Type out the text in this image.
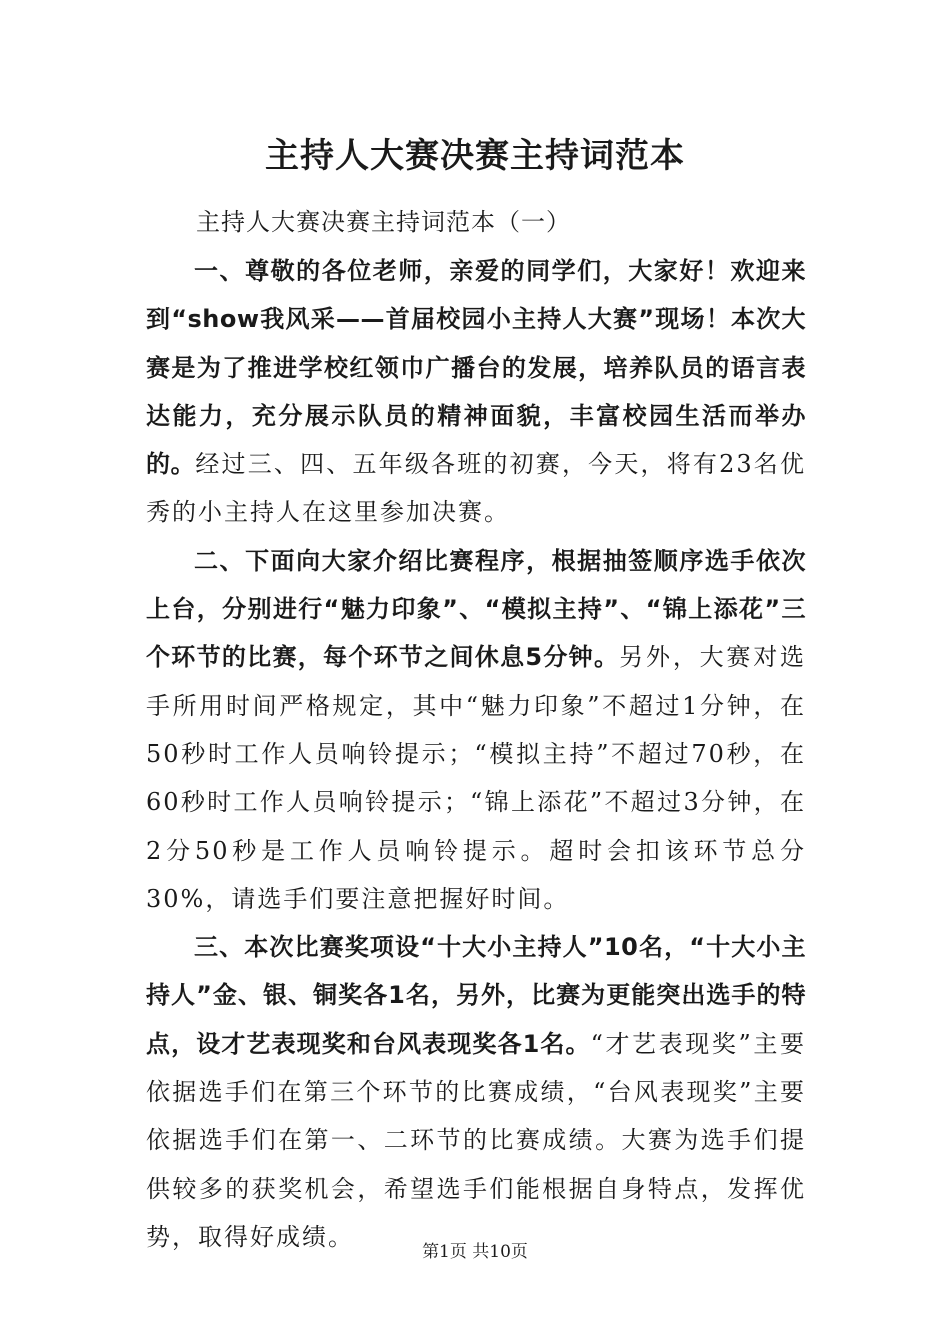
主持人大赛决赛主持词范本

主持人大赛决赛主持词范本（一）

一、尊敬的各位老师，亲爱的同学们，大家好！欢迎来到“show我风采——首届校园小主持人大赛”现场！本次大赛是为了推进学校红领巾广播台的发展，培养队员的语言表达能力，充分展示队员的精神面貌，丰富校园生活而举办的。经过三、四、五年级各班的初赛，今天，将有23名优秀的小主持人在这里参加决赛。

二、下面向大家介绍比赛程序，根据抽签顺序选手依次上台，分别进行“魅力印象”、“模拟主持”、“锦上添花”三个环节的比赛，每个环节之间休息5分钟。另外，大赛对选手所用时间严格规定，其中“魅力印象”不超过1分钟，在50秒时工作人员响铃提示；“模拟主持”不超过70秒，在60秒时工作人员响铃提示；“锦上添花”不超过3分钟，在2分50秒是工作人员响铃提示。超时会扣该环节总分30%，请选手们要注意把握好时间。

三、本次比赛奖项设“十大小主持人”10名，“十大小主持人”金、银、铜奖各1名，另外，比赛为更能突出选手的特点，设才艺表现奖和台风表现奖各1名。“才艺表现奖”主要依据选手们在第三个环节的比赛成绩，“台风表现奖”主要依据选手们在第一、二环节的比赛成绩。大赛为选手们提供较多的获奖机会，希望选手们能根据自身特点，发挥优势，取得好成绩。

第1页 共10页
